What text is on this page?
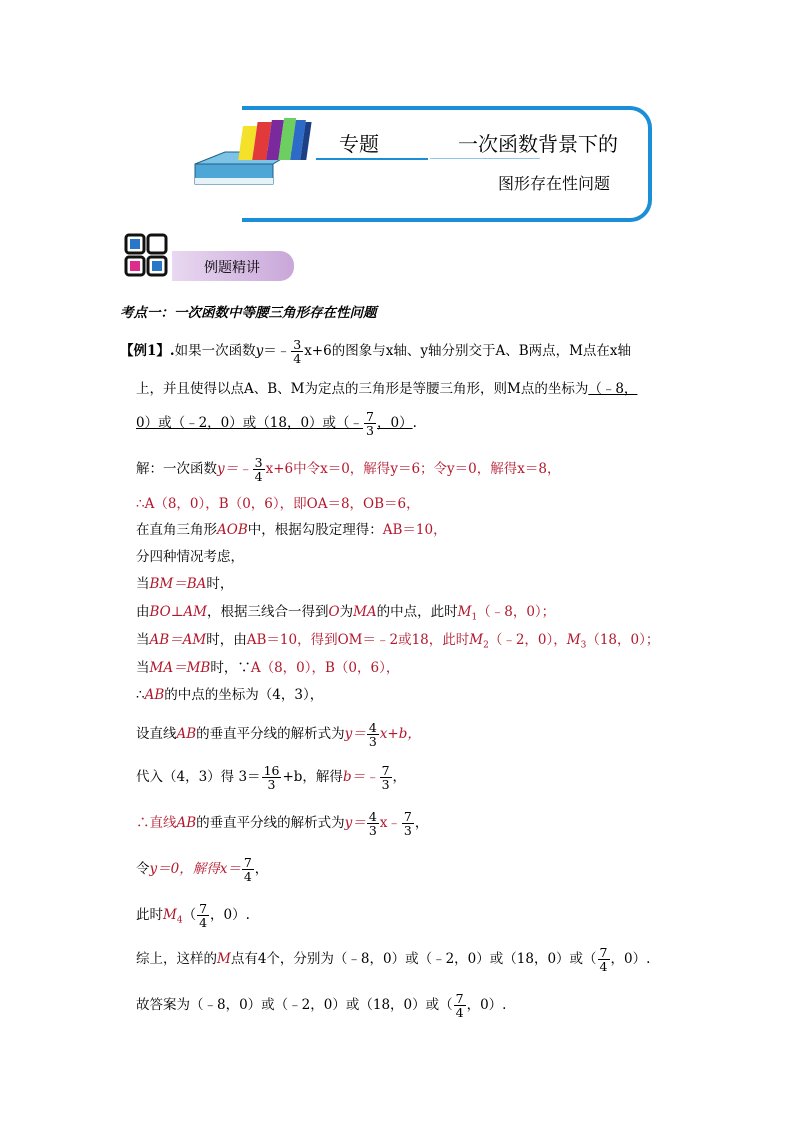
专题	一次函数背景下的
图形存在性问题
例题精讲
考点一：一次函数中等腰三角形存在性问题
【例1】.如果一次函数y＝﹣ $\frac{3}{4} x+6$的图象与x轴、y轴分别交于A、B两点，M点在x轴
上，并且使得以点A、B、M为定点的三角形是等腰三角形，则M点的坐标为（﹣8，
0）或（﹣2，0）或（18，0）或（﹣ $\frac{7}{3}$ ，0）.
解：一次函数y＝﹣ $\frac{3}{4} x+6$中令x＝0，解得y＝6；令y＝0，解得x＝8，
∴A（8，0），B（0，6），即OA＝8，OB＝6，
在直角三角形AOB中，根据勾股定理得：AB＝10，
分四种情况考虑，
当BM＝BA时，
由BO⊥AM，根据三线合一得到O为MA的中点，此时$M_1(﹣8$，0）；
当AB＝AM时，由AB＝10，得到OM＝﹣2或18，此时$M_2(﹣2$，0），$M_3(18$，0）；
当MA＝MB时，∵A（8，0），B（0，6），
∴AB的中点的坐标为（4，3），
设直线AB的垂直平分线的解析式为$y= \frac{4}{3} x+b$，
代入（4，3）得 $3= \frac{16}{3} +b$，解得b＝﹣ $\frac{7}{3}$ ，
∴直线AB的垂直平分线的解析式为$y= \frac{4}{3}$ x﹣ $\frac{7}{3}$ ，
令y＝0，解得$x= \frac{7}{4}$ ，
此时$M_4( \frac{7}{4}$ ，0）.
综上，这样的M点有4个，分别为（﹣8，0）或（﹣2，0）或（18，0）或（ $\frac{7}{4}$ ，0）.
故答案为（﹣8，0）或（﹣2，0）或（18，0）或（ $\frac{7}{4}$ ，0）.
